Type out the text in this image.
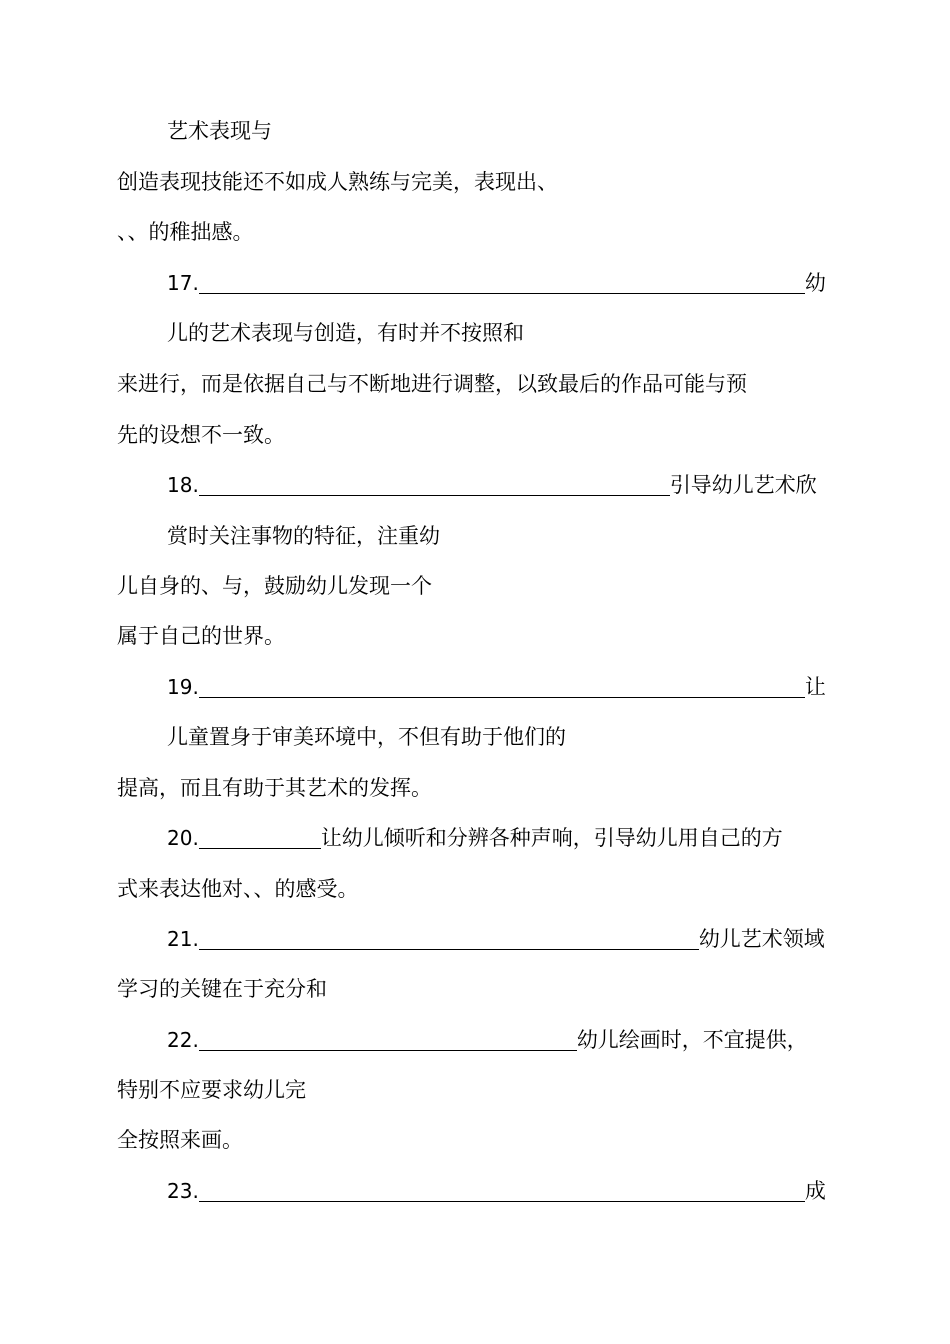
艺术表现与
创造表现技能还不如成人熟练与完美，表现出、
、、的稚拙感。
17.	幼
儿的艺术表现与创造，有时并不按照和
来进行，而是依据自己与不断地进行调整，以致最后的作品可能与预
先的设想不一致。
18.	引导幼儿艺术欣
赏时关注事物的特征，注重幼
儿自身的、与，鼓励幼儿发现一个
属于自己的世界。
19.	让
儿童置身于审美环境中，不但有助于他们的
提高，而且有助于其艺术的发挥。
20.	让幼儿倾听和分辨各种声响，引导幼儿用自己的方
式来表达他对、、的感受。
21.	幼儿艺术领域
学习的关键在于充分和
22.	幼儿绘画时，不宜提供，
特别不应要求幼儿完
全按照来画。
23.	成
